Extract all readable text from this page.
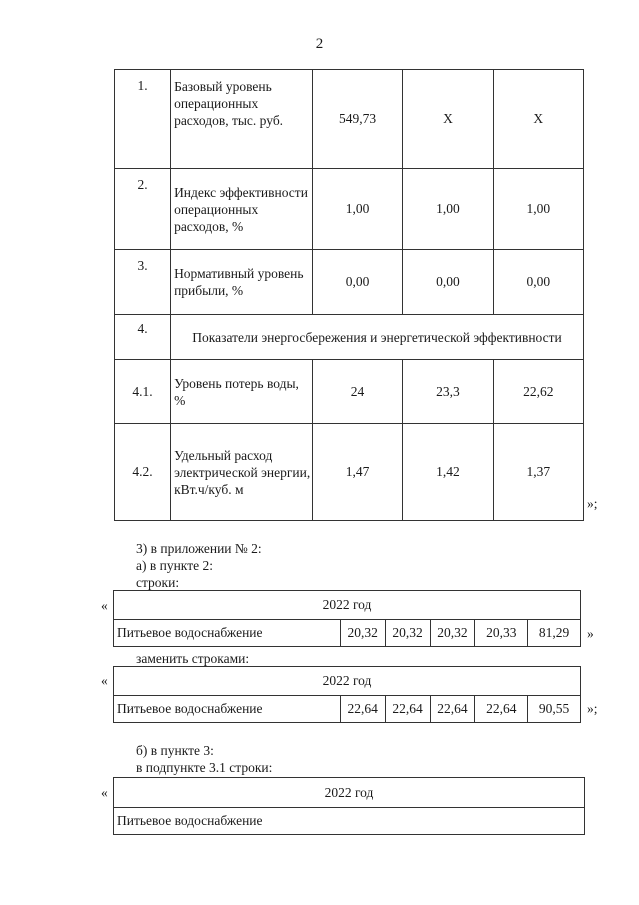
2
1.	Базовый уровень операционных расходов, тыс. руб.	549,73	Х	Х
2.	Индекс эффективности операционных расходов, %	1,00	1,00	1,00
3.	Нормативный уровень прибыли, %	0,00	0,00	0,00
4.	Показатели энергосбережения и энергетической эффективности			
4.1.	Уровень потерь воды, %	24	23,3	22,62
4.2.	Удельный расход электрической энергии, кВт.ч/куб. м	1,47	1,42	1,37
»;
3) в приложении № 2:
а) в пункте 2:
строки:
«	2022 год
Питьевое водоснабжение	20,32	20,32	20,32	20,33	81,29 »
заменить строками:
«	2022 год
Питьевое водоснабжение	22,64	22,64	22,64	22,64	90,55 »;
б) в пункте 3:
в подпункте 3.1 строки:
«	2022 год
Питьевое водоснабжение
